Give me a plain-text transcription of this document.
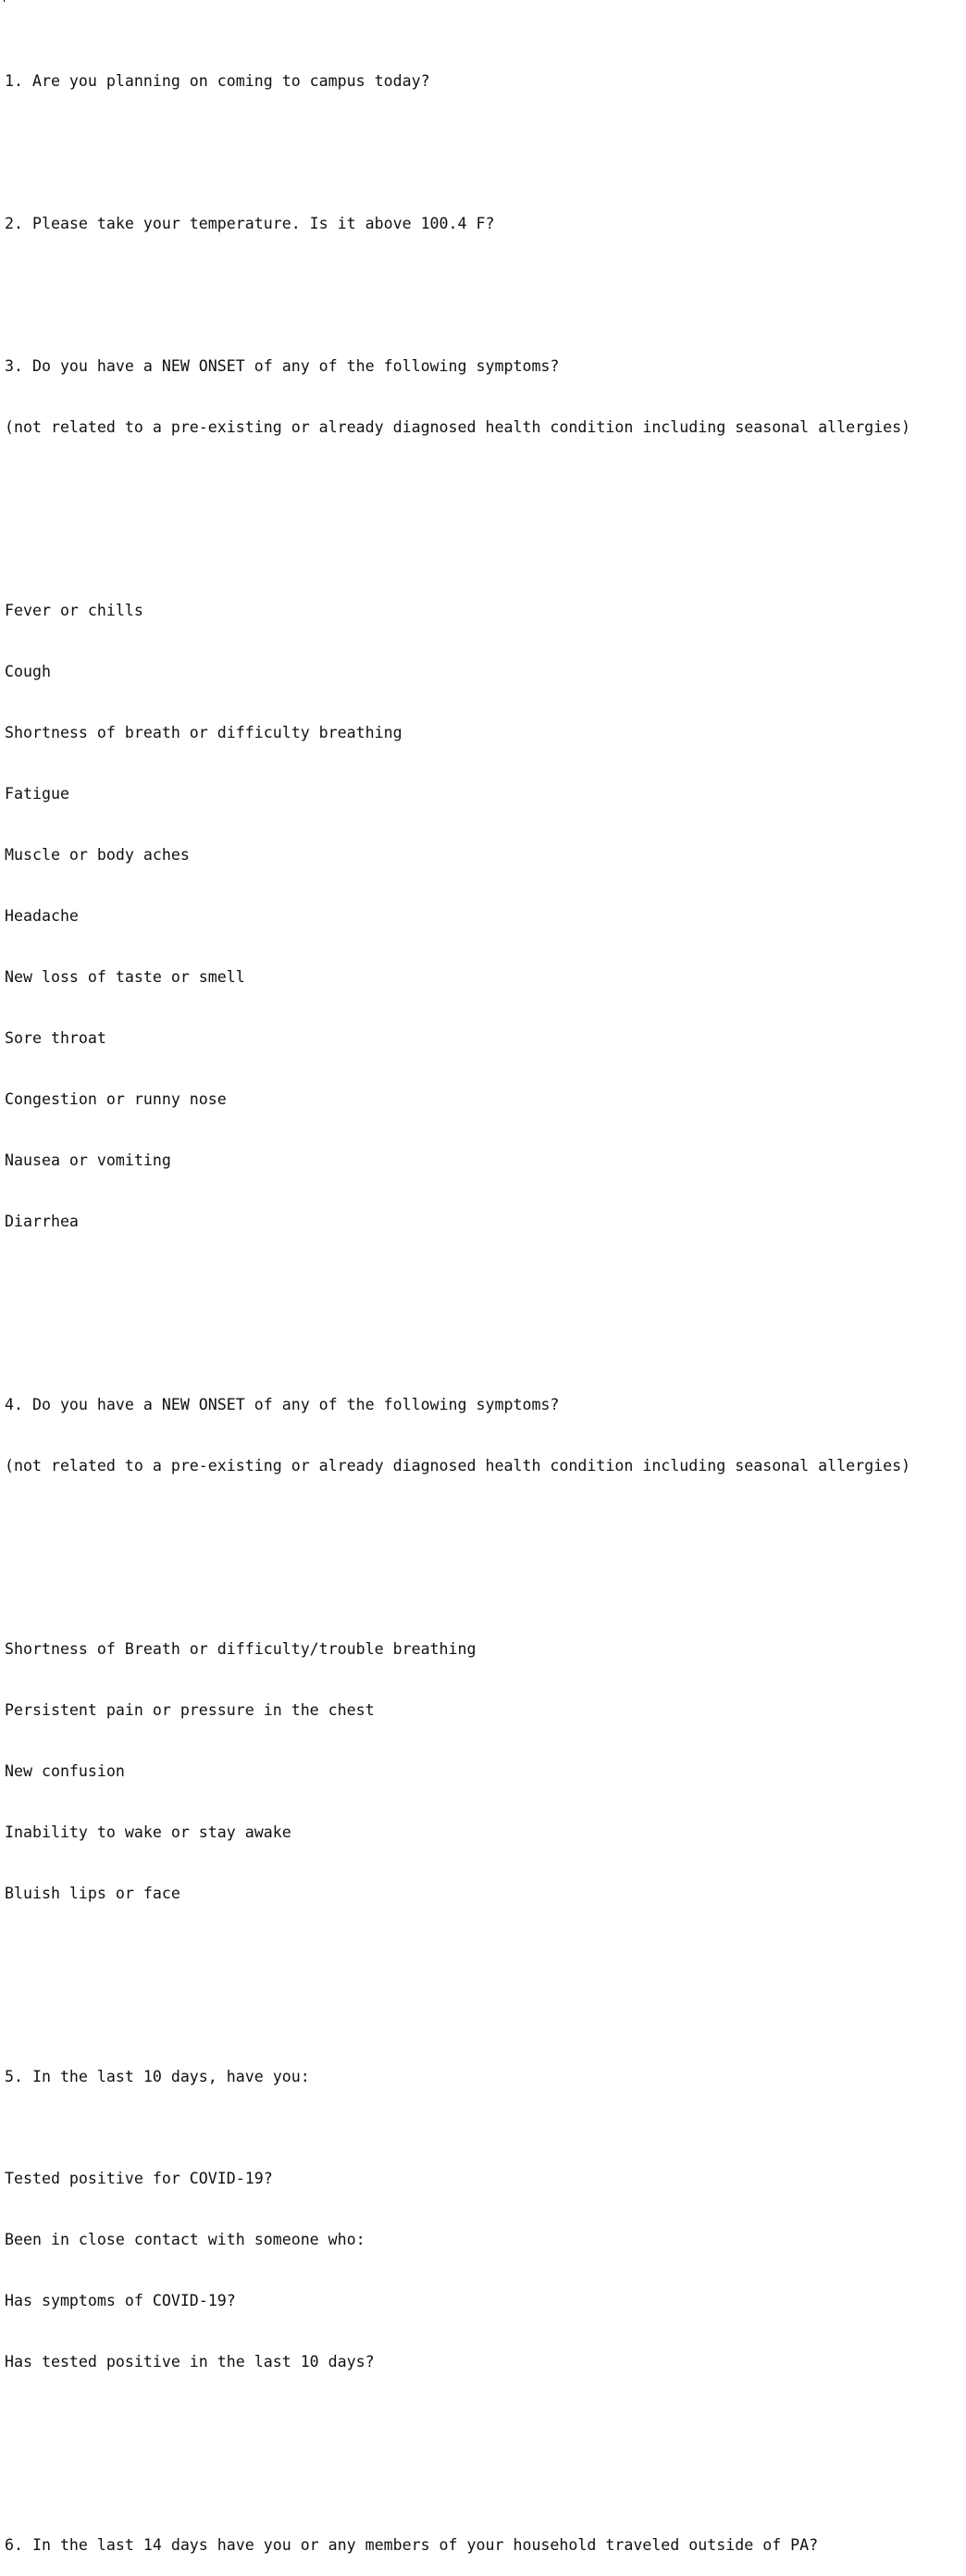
1. Are you planning on coming to campus today?

2. Please take your temperature. Is it above 100.4 F?

3. Do you have a NEW ONSET of any of the following symptoms?

(not related to a pre-existing or already diagnosed health condition including seasonal allergies)

Fever or chills

Cough

Shortness of breath or difficulty breathing

Fatigue

Muscle or body aches

Headache

New loss of taste or smell

Sore throat

Congestion or runny nose

Nausea or vomiting

Diarrhea

4. Do you have a NEW ONSET of any of the following symptoms?

(not related to a pre-existing or already diagnosed health condition including seasonal allergies)

Shortness of Breath or difficulty/trouble breathing

Persistent pain or pressure in the chest

New confusion

Inability to wake or stay awake

Bluish lips or face

5. In the last 10 days, have you:

Tested positive for COVID-19?

Been in close contact with someone who:

Has symptoms of COVID-19?

Has tested positive in the last 10 days?

6. In the last 14 days have you or any members of your household traveled outside of PA?
